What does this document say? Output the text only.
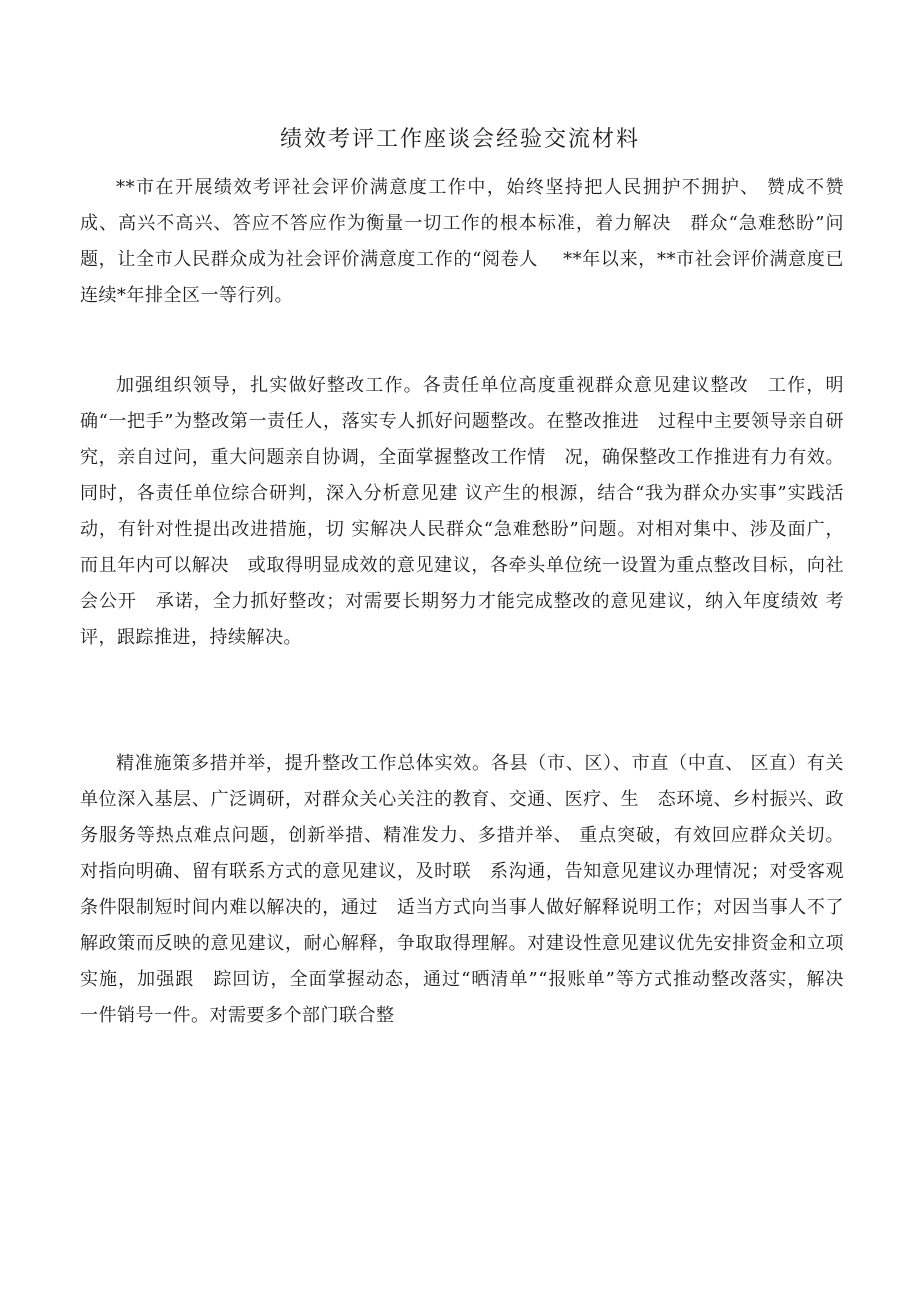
绩效考评工作座谈会经验交流材料

**市在开展绩效考评社会评价满意度工作中，始终坚持把人民拥护不拥护、 赞成不赞成、高兴不高兴、答应不答应作为衡量一切工作的根本标准，着力解决　群众“急难愁盼”问题，让全市人民群众成为社会评价满意度工作的“阅卷人　 **年以来，**市社会评价满意度已连续*年排全区一等行列。

加强组织领导，扎实做好整改工作。各责任单位高度重视群众意见建议整改　工作，明确“一把手”为整改第一责任人，落实专人抓好问题整改。在整改推进　过程中主要领导亲自研究，亲自过问，重大问题亲自协调，全面掌握整改工作情　况，确保整改工作推进有力有效。同时，各责任单位综合研判，深入分析意见建 议产生的根源，结合“我为群众办实事”实践活动，有针对性提出改进措施，切 实解决人民群众“急难愁盼”问题。对相对集中、涉及面广，而且年内可以解决　或取得明显成效的意见建议，各牵头单位统一设置为重点整改目标，向社会公开　承诺，全力抓好整改；对需要长期努力才能完成整改的意见建议，纳入年度绩效 考评，跟踪推进，持续解决。

精准施策多措并举，提升整改工作总体实效。各县（市、区）、市直（中直、 区直）有关单位深入基层、广泛调研，对群众关心关注的教育、交通、医疗、生　态环境、乡村振兴、政务服务等热点难点问题，创新举措、精准发力、多措并举、 重点突破，有效回应群众关切。对指向明确、留有联系方式的意见建议，及时联　系沟通，告知意见建议办理情况；对受客观条件限制短时间内难以解决的，通过　适当方式向当事人做好解释说明工作；对因当事人不了解政策而反映的意见建议，耐心解释，争取取得理解。对建设性意见建议优先安排资金和立项实施，加强跟　踪回访，全面掌握动态，通过“晒清单”“报账单”等方式推动整改落实，解决　一件销号一件。对需要多个部门联合整
